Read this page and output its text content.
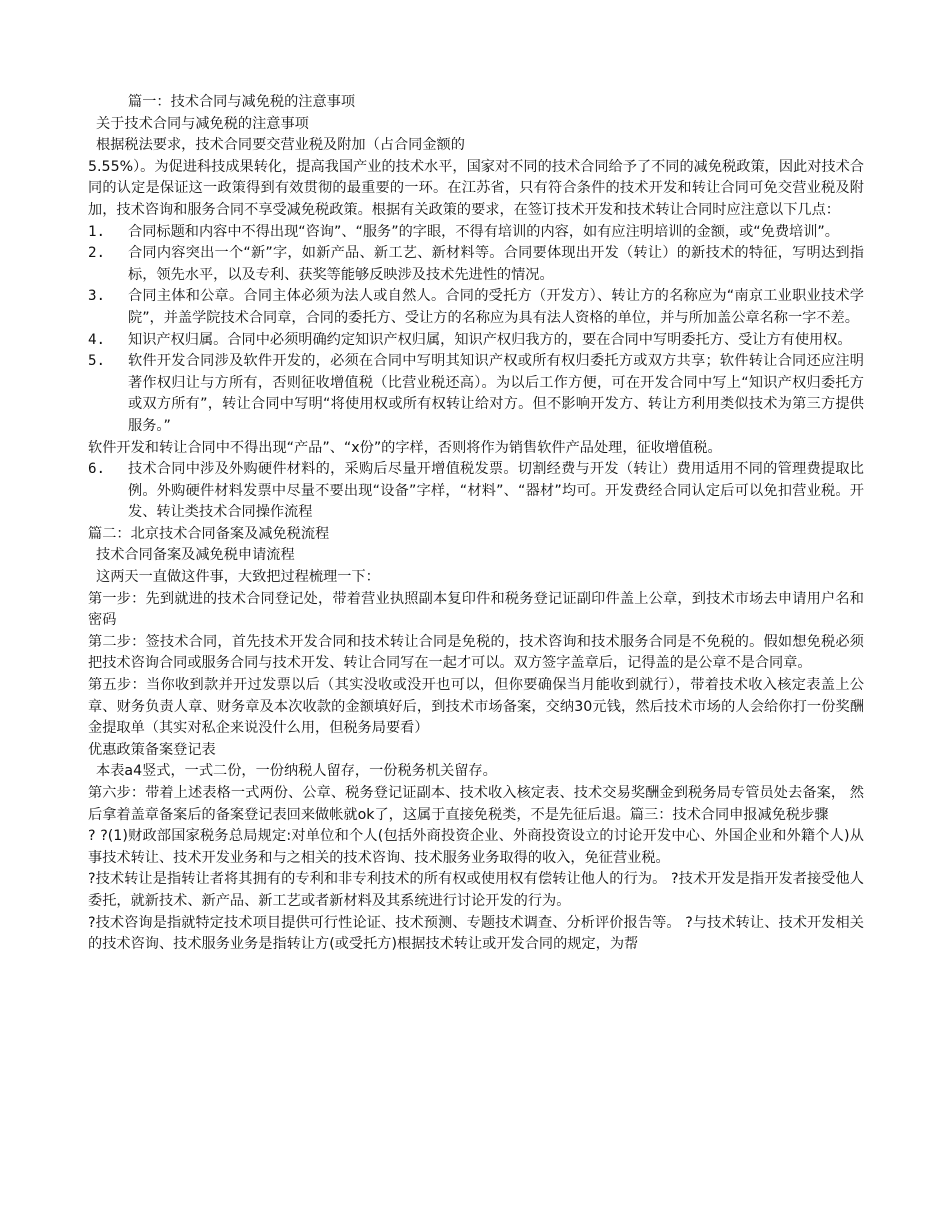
篇一：技术合同与减免税的注意事项

关于技术合同与减免税的注意事项

根据税法要求，技术合同要交营业税及附加（占合同金额的

5.55%）。为促进科技成果转化，提高我国产业的技术水平，国家对不同的技术合同给予了不同的减免税政策，因此对技术合同的认定是保证这一政策得到有效贯彻的最重要的一环。在江苏省，只有符合条件的技术开发和转让合同可免交营业税及附加，技术咨询和服务合同不享受减免税政策。根据有关政策的要求，在签订技术开发和技术转让合同时应注意以下几点：

1.	合同标题和内容中不得出现“咨询”、“服务”的字眼，不得有培训的内容，如有应注明培训的金额，或“免费培训”。
2.	合同内容突出一个“新”字，如新产品、新工艺、新材料等。合同要体现出开发（转让）的新技术的特征，写明达到指标，领先水平，以及专利、获奖等能够反映涉及技术先进性的情况。
3.	合同主体和公章。合同主体必须为法人或自然人。合同的受托方（开发方）、转让方的名称应为“南京工业职业技术学院”，并盖学院技术合同章，合同的委托方、受让方的名称应为具有法人资格的单位，并与所加盖公章名称一字不差。
4.	知识产权归属。合同中必须明确约定知识产权归属，知识产权归我方的，要在合同中写明委托方、受让方有使用权。
5.	软件开发合同涉及软件开发的，必须在合同中写明其知识产权或所有权归委托方或双方共享；软件转让合同还应注明著作权归让与方所有，否则征收增值税（比营业税还高）。为以后工作方便，可在开发合同中写上“知识产权归委托方或双方所有”，转让合同中写明“将使用权或所有权转让给对方。但不影响开发方、转让方利用类似技术为第三方提供服务。”

软件开发和转让合同中不得出现“产品”、“x份”的字样，否则将作为销售软件产品处理，征收增值税。

6.	技术合同中涉及外购硬件材料的，采购后尽量开增值税发票。切割经费与开发（转让）费用适用不同的管理费提取比例。外购硬件材料发票中尽量不要出现“设备”字样，“材料”、“器材”均可。开发费经合同认定后可以免扣营业税。开发、转让类技术合同操作流程

篇二：北京技术合同备案及减免税流程

技术合同备案及减免税申请流程

这两天一直做这件事，大致把过程梳理一下：

第一步：先到就进的技术合同登记处，带着营业执照副本复印件和税务登记证副印件盖上公章，到技术市场去申请用户名和密码

第二步：签技术合同，首先技术开发合同和技术转让合同是免税的，技术咨询和技术服务合同是不免税的。假如想免税必须把技术咨询合同或服务合同与技术开发、转让合同写在一起才可以。双方签字盖章后，记得盖的是公章不是合同章。

第五步：当你收到款并开过发票以后（其实没收或没开也可以，但你要确保当月能收到就行），带着技术收入核定表盖上公章、财务负责人章、财务章及本次收款的金额填好后，到技术市场备案，交纳30元钱，然后技术市场的人会给你打一份奖酬金提取单（其实对私企来说没什么用，但税务局要看）

优惠政策备案登记表

本表a4竖式，一式二份，一份纳税人留存，一份税务机关留存。

第六步：带着上述表格一式两份、公章、税务登记证副本、技术收入核定表、技术交易奖酬金到税务局专管员处去备案， 然后拿着盖章备案后的备案登记表回来做帐就ok了，这属于直接免税类，不是先征后退。篇三：技术合同申报减免税步骤

? ?(1)财政部国家税务总局规定:对单位和个人(包括外商投资企业、外商投资设立的讨论开发中心、外国企业和外籍个人)从事技术转让、技术开发业务和与之相关的技术咨询、技术服务业务取得的收入，免征营业税。

?技术转让是指转让者将其拥有的专利和非专利技术的所有权或使用权有偿转让他人的行为。 ?技术开发是指开发者接受他人委托，就新技术、新产品、新工艺或者新材料及其系统进行讨论开发的行为。

?技术咨询是指就特定技术项目提供可行性论证、技术预测、专题技术调查、分析评价报告等。 ?与技术转让、技术开发相关的技术咨询、技术服务业务是指转让方(或受托方)根据技术转让或开发合同的规定，为帮
